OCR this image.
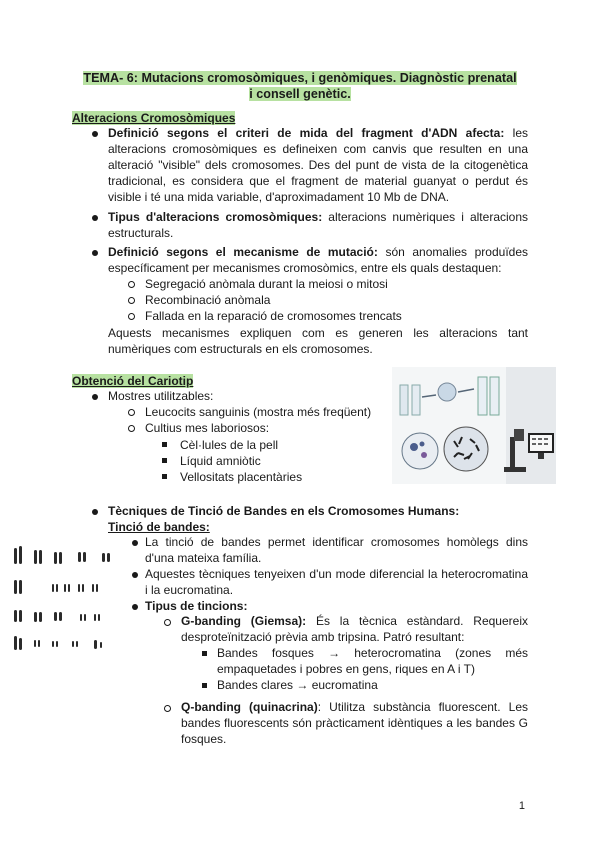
TEMA- 6: Mutacions cromosòmiques, i genòmiques. Diagnòstic prenatal
i consell genètic.
Alteracions Cromosòmiques
Definició segons el criteri de mida del fragment d'ADN afecta: les alteracions cromosòmiques es defineixen com canvis que resulten en una alteració "visible" dels cromosomes. Des del punt de vista de la citogenètica tradicional, es considera que el fragment de material guanyat o perdut és visible i té una mida variable, d'aproximadament 10 Mb de DNA.
Tipus d'alteracions cromosòmiques: alteracions numèriques i alteracions estructurals.
Definició segons el mecanisme de mutació: són anomalies produïdes específicament per mecanismes cromosòmics, entre els quals destaquen:
Segregació anòmala durant la meiosi o mitosi
Recombinació anòmala
Fallada en la reparació de cromosomes trencats
Aquests mecanismes expliquen com es generen les alteracions tant numèriques com estructurals en els cromosomes.
Obtenció del Cariotip
Mostres utilitzables:
Leucocits sanguinis (mostra més freqüent)
Cultius mes laboriosos:
Cèl·lules de la pell
Líquid amniòtic
Vellositats placentàries
Tècniques de Tinció de Bandes en els Cromosomes Humans:
Tinció de bandes:
La tinció de bandes permet identificar cromosomes homòlegs dins d'una mateixa família.
Aquestes tècniques tenyeixen d'un mode diferencial la heterocromatina i la eucromatina.
Tipus de tincions:
G-banding (Giemsa): És la tècnica estàndard. Requereix desproteïnització prèvia amb tripsina. Patró resultant:
Bandes fosques → heterocromatina (zones més empaquetades i pobres en gens, riques en A i T)
Bandes clares → eucromatina
Q-banding (quinacrina): Utilitza substància fluorescent. Les bandes fluorescents són pràcticament idèntiques a les bandes G fosques.
1
